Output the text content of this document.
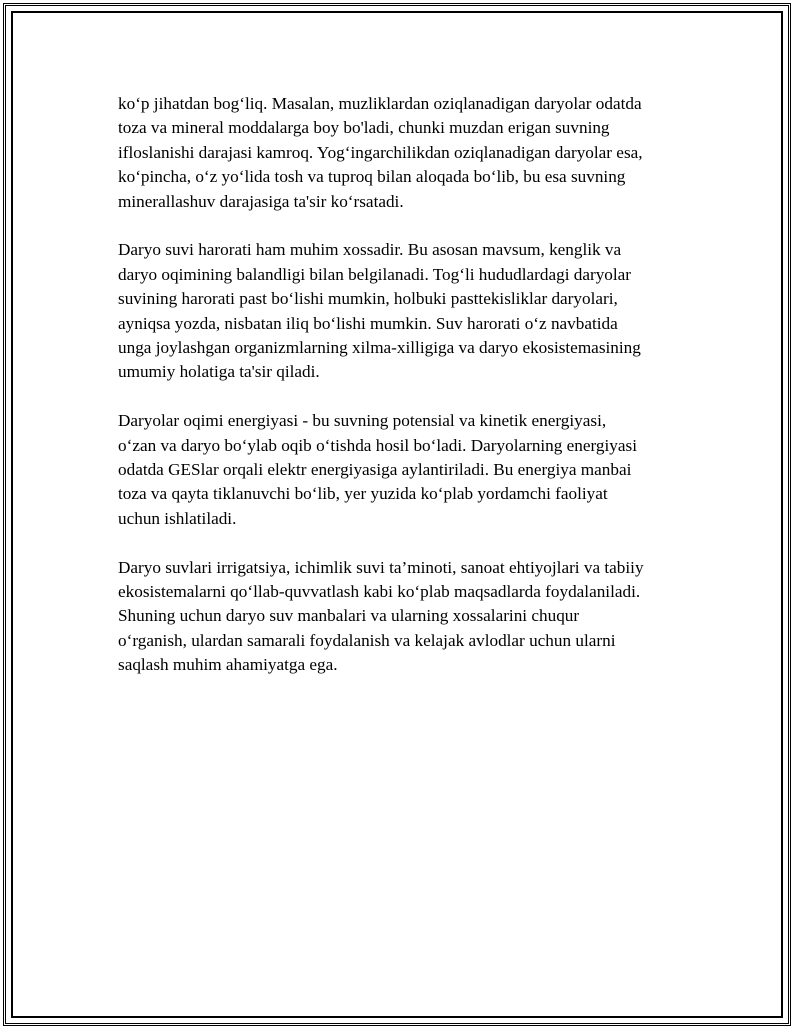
ko‘p jihatdan bog‘liq. Masalan, muzliklardan oziqlanadigan daryolar odatda
toza va mineral moddalarga boy bo'ladi, chunki muzdan erigan suvning
ifloslanishi darajasi kamroq. Yog‘ingarchilikdan oziqlanadigan daryolar esa,
ko‘pincha, o‘z yo‘lida tosh va tuproq bilan aloqada bo‘lib, bu esa suvning
minerallashuv darajasiga ta'sir ko‘rsatadi.

Daryo suvi harorati ham muhim xossadir. Bu asosan mavsum, kenglik va
daryo oqimining balandligi bilan belgilanadi. Tog‘li hududlardagi daryolar
suvining harorati past bo‘lishi mumkin, holbuki pasttekisliklar daryolari,
ayniqsa yozda, nisbatan iliq bo‘lishi mumkin. Suv harorati o‘z navbatida
unga joylashgan organizmlarning xilma-xilligiga va daryo ekosistemasining
umumiy holatiga ta'sir qiladi.

Daryolar oqimi energiyasi - bu suvning potensial va kinetik energiyasi,
o‘zan va daryo bo‘ylab oqib o‘tishda hosil bo‘ladi. Daryolarning energiyasi
odatda GESlar orqali elektr energiyasiga aylantiriladi. Bu energiya manbai
toza va qayta tiklanuvchi bo‘lib, yer yuzida ko‘plab yordamchi faoliyat
uchun ishlatiladi.

Daryo suvlari irrigatsiya, ichimlik suvi ta’minoti, sanoat ehtiyojlari va tabiiy
ekosistemalarni qo‘llab-quvvatlash kabi ko‘plab maqsadlarda foydalaniladi.
Shuning uchun daryo suv manbalari va ularning xossalarini chuqur
o‘rganish, ulardan samarali foydalanish va kelajak avlodlar uchun ularni
saqlash muhim ahamiyatga ega.
